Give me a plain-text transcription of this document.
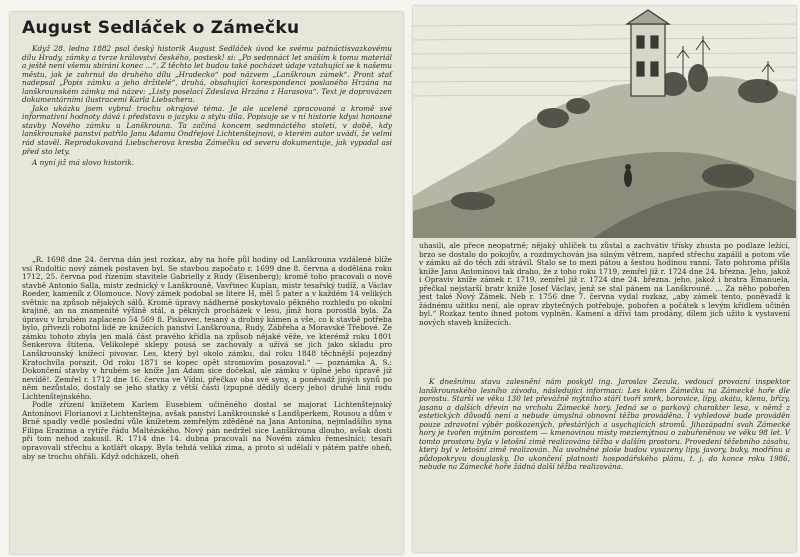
August Sedláček o Zámečku

Když 28. ledna 1882 psal český historik August Sedláček úvod ke svému patnáctisvazkovému dílu Hrady, zámky a tvrze království českého, postesk! si: „Po sedmnáct let snáším k tomu materiál a ještě není všemu sbírání konec ...“. Z těchto let budou také pocházet údaje vztahující se k našemu městu, jak je zahrnul do druhého dílu „Hradecko“ pod názvem „Lanškroun zámek“. Pront stať nadepsal „Popis zámku a jeho držitelé“, druhá, obsahující korespondenci poslaného Hrzána na lanškrounském zámku má název: „Listy poselací Zdeslava Hrzána z Harasova“. Text je doprovázen dokumentárními ilustracemi Karla Liebschera.

Jako ukázku jsem vybral trochu okrajové téma. Je ale ucelené zpracované a kromě své informativní hodnoty dává i představu o jazyku a stylu díla. Popisuje se v ní historie kdysi honosné stavby Nového zámku u Lanškrouna. Ta začíná koncem sedmnáctého století, v době, kdy lanškrounské panství patřilo Janu Adamu Ondřejovi Lichtenštejnovi, o kterém autor uvádí, že velmi rád stavěl. Reprodukovaná Liebscherova kresba Zámečku od severu dokumentuje, jak vypadal asi před sto lety.

A nyní již má slovo historik.

„R. 1698 dne 24. června dán jest rozkaz, aby na hoře půl hodiny od Lanškrouna vzdálené blíže vsi Rudoltic nový zámek postaven byl. Se stavbou započato r. 1699 dne 8. června a dodělána roku 1712, 25. června pod řízením stavitele Gabrielly z Rudy (Eisenberg); kromě toho pracovali o nové stavbě Antonio Salla, mistr zednický v Lanškrouně, Vavřinec Kuplan, mistr tesařský tudíž, a Václav Roeder, kameník z Olomouce. Nový zámek podobal se litere H, měl 5 pater a v každém 14 velikých světnic na způsob nějakých sálů. Kromě úpravy nádherné poskytovalo pěkného rozhledu po okolní krajině, an na znamenité výšině stál, a pěkných procházek v lesu, jímž hora porostlá byla. Za úpravu v hrubém zaplaceno 54 569 fl. Piskovec, tesaný a drobný kámen a vše, co k stavbě potřeba bylo, přivezli robotní lidé ze knížecích panství Lanškrouna, Rudy, Zábřeha a Moravské Třebové. Ze zámku tohoto zbyla jen malá část pravého křídla na způsob nějaké věže, ve kterémž roku 1801 Šenkerova štítena. Velikolepé sklepy pousá se zachovaly a užívá se jich jako skladu pro Lanškrounský knížecí pivovar. Les, který byl okolo zámku, dal roku 1848 těchnější pojezdný Kratochvíla porazit. Od roku 1871 se kopec opět stromovím posazoval.“ — poznámka A. S.: Dokončení stavby v hrubém se kníže Jan Adam sice dočekal, ale zámku v úplné jeho úpravě již nevídě!. Zemřel r. 1712 dne 16. června ve Vídni, přečkav oba své syny, a poněvadž jiných synů po něm nezůstalo, dostaly se jeho statky z větší části (zpupné dědily dcery jeho) druhé linii rodu Lichtenštejnského.

Podle zřízení knížetem Karlem Eusebiem učiněného dostal se majorat Lichtenštejnský Antonínovi Florianovi z Lichtenštejna, avšak panství Lanškrounské s Landšperkem, Rousou a dům v Brně spadly vedlé poslední vůle knížetem zemřelým zděděné na Jana Antonína, nejmladšího syna Filipa Erazima a rytíře řádu Maltézského. Nový pán nedržel sice Lanškrouna dlouho, avšak dosti při tom nehod zakusil. R. 1714 dne 14. dubna pracovali na Novém zámku řemeslníci; tesaři opravovali střechu a kotlářt okapy. Byla tehdá veliká zima, a proto si udělali v pátém patře oheň, aby se trochu ohřáli. Když odcházeli, oheň

uhasili, ale přece neopatrně; nějaký uhlíček tu zůstal a zachvátiv třísky zhusta po podlaze ležící, brzo se dostalo do pokojův, a rozdmychován jsa silným větrem, napřed střechu zapálil a potom vše v zámku až do těch zdí strávil. Stalo se to mezi pátou a šestou hodinou ranní. Tato pohroma přišla kníže Janu Antonínovi tak draho, že z toho roku 1719, zemřel již r. 1724 dne 24. března. Jeho, jakož i Opraviv kníže zámek r. 1719, zemřel již r. 1724 dne 24. března. jeho, jakož i bratra Emanuela, přečkal nejstarší bratr kníže Josef Václav, jenž se stal pánem na Lanškrouně. ... Za něho pobořen jest také Nový Zámek. Neb r. 1756 dne 7. června vydal rozkaz, „aby zámek tento, poněvadž k žádnému užitku není, ale oprav zbytečných potřebuje, pobořen a počátek s levým křídlem učiněn byl.“ Rozkaz tento ihned potom vyplněn. Kamení a dříví tam prodány, dílem jich užito k vystavení nových staveb knížecích.

K dnešnímu stavu zalesnění nám poskytl ing. Jaroslav Zezula, vedoucí provozní inspektor lanškrounského lesního závodu, následující informaci: Les kolem Zámečku na Zámecké hoře dle porostu. Starší ve věku 130 let převážně mýtního stáří tvoří smrk, borovice, lípy, akátu, klenu, břízy, jasanu a dalších dřevin na vrcholu Zámecké hory. Jedná se o parkový charakter lesa, v němž z estetických důvodů není a nebude úmyslná obnovní těžba prováděna. I vyhledové bude prováděn pouze zdravotní výběr poškozených, přestárlých a usychajících stromů. Jihozápadní svah Zámecké hory je tvořen mýtním porostem — kmenovinou místy meziemýtnou o zabuřeněnou ve věku 98 let. V tomto prostoru byla v letošní zimě realizována těžba v dalším prostoru. Provedení těžebního zásahu, který byl v letošní zimě realizován. Na uvolněné ploše budou vysazeny lípy, javory, buky, modřínu a půdopokryvu douglasky. Do ukončení platnosti hospodářského plánu, t. j. do konce roku 1986, nebude na Zámecké hoře žádná další těžba realizována.
